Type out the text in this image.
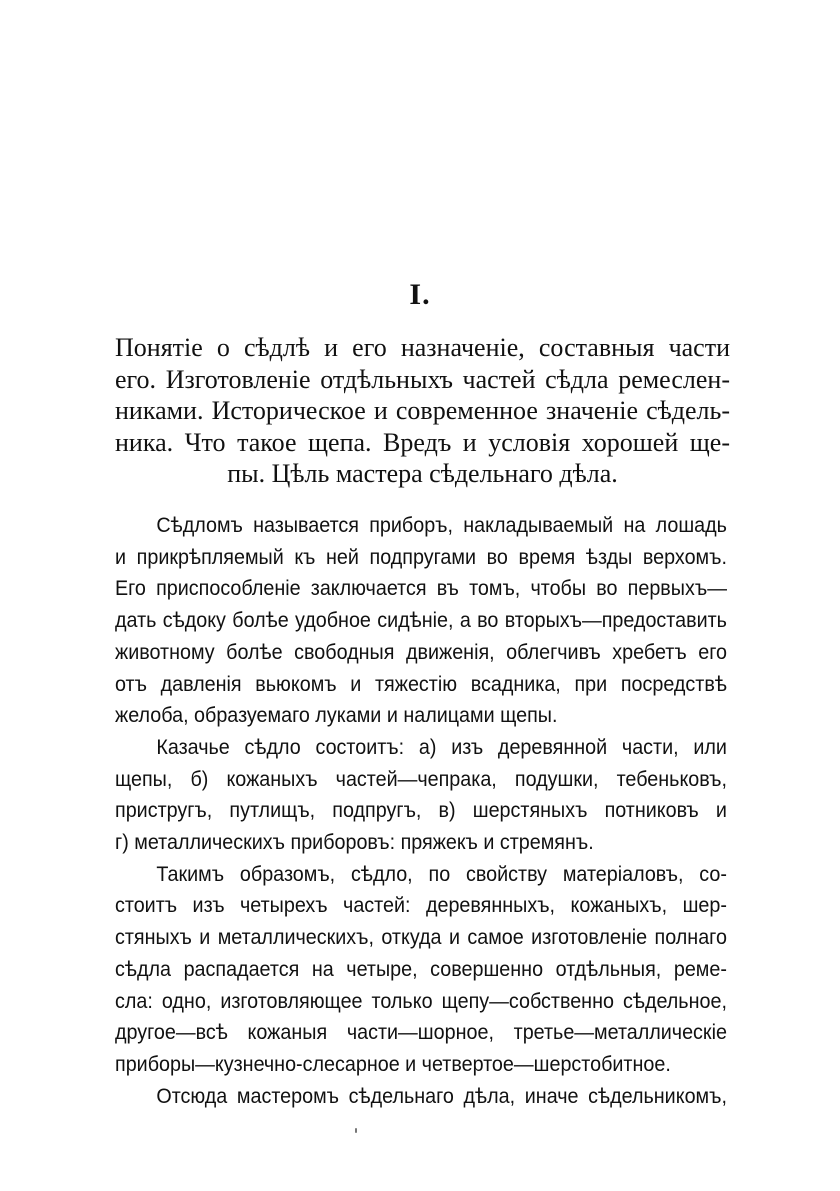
I.
Понятіе о сѣдлѣ и его назначеніе, составныя части
его. Изготовленіе отдѣльныхъ частей сѣдла ремеслен-
никами. Историческое и современное значеніе сѣдель-
ника. Что такое щепа. Вредъ и условія хорошей ще-
пы. Цѣль мастера сѣдельнаго дѣла.
Сѣдломъ называется приборъ, накладываемый на лошадь
и прикрѣпляемый къ ней подпругами во время ѣзды верхомъ.
Его приспособленіе заключается въ томъ, чтобы во первыхъ—
дать сѣдоку болѣе удобное сидѣніе, а во вторыхъ—предоставить
животному болѣе свободныя движенія, облегчивъ хребетъ его
отъ давленія вьюкомъ и тяжестію всадника, при посредствѣ
желоба, образуемаго луками и налицами щепы.
Казачье сѣдло состоитъ: а) изъ деревянной части, или
щепы, б) кожаныхъ частей—чепрака, подушки, тебеньковъ,
пристругъ, путлищъ, подпругъ, в) шерстяныхъ потниковъ и
г) металлическихъ приборовъ: пряжекъ и стремянъ.
Такимъ образомъ, сѣдло, по свойству матеріаловъ, со-
стоитъ изъ четырехъ частей: деревянныхъ, кожаныхъ, шер-
стяныхъ и металлическихъ, откуда и самое изготовленіе полнаго
сѣдла распадается на четыре, совершенно отдѣльныя, реме-
сла: одно, изготовляющее только щепу—собственно сѣдельное,
другое—всѣ кожаныя части—шорное, третье—металлическіе
приборы—кузнечно-слесарное и четвертое—шерстобитное.
Отсюда мастеромъ сѣдельнаго дѣла, иначе сѣдельникомъ,
